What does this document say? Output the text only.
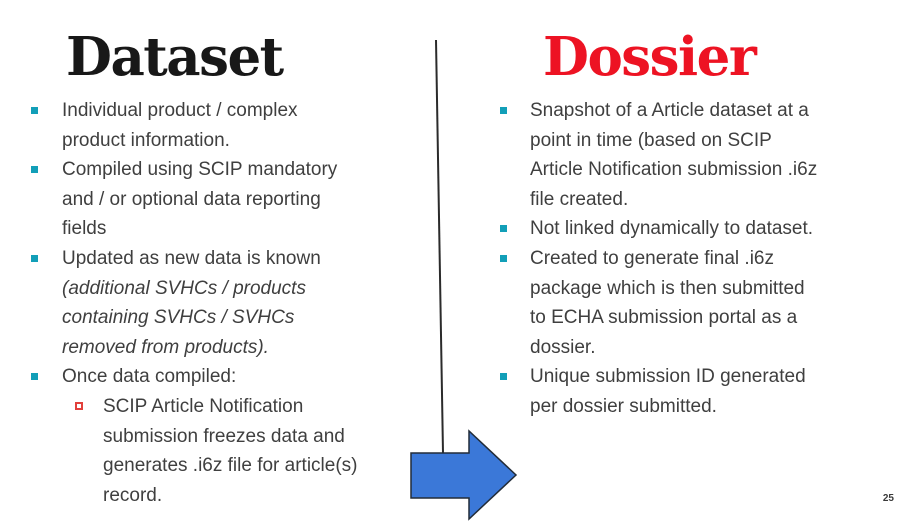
Dataset	Dossier
Individual product / complex
product information.
Compiled using SCIP mandatory
and / or optional data reporting
fields
Updated as new data is known
(additional SVHCs / products
containing SVHCs / SVHCs
removed from products).
Once data compiled:
SCIP Article Notification
submission freezes data and
generates .i6z file for article(s)
record.
Snapshot of a Article dataset at a
point in time (based on SCIP
Article Notification submission .i6z
file created.
Not linked dynamically to dataset.
Created to generate final .i6z
package which is then submitted
to ECHA submission portal as a
dossier.
Unique submission ID generated
per dossier submitted.
25
